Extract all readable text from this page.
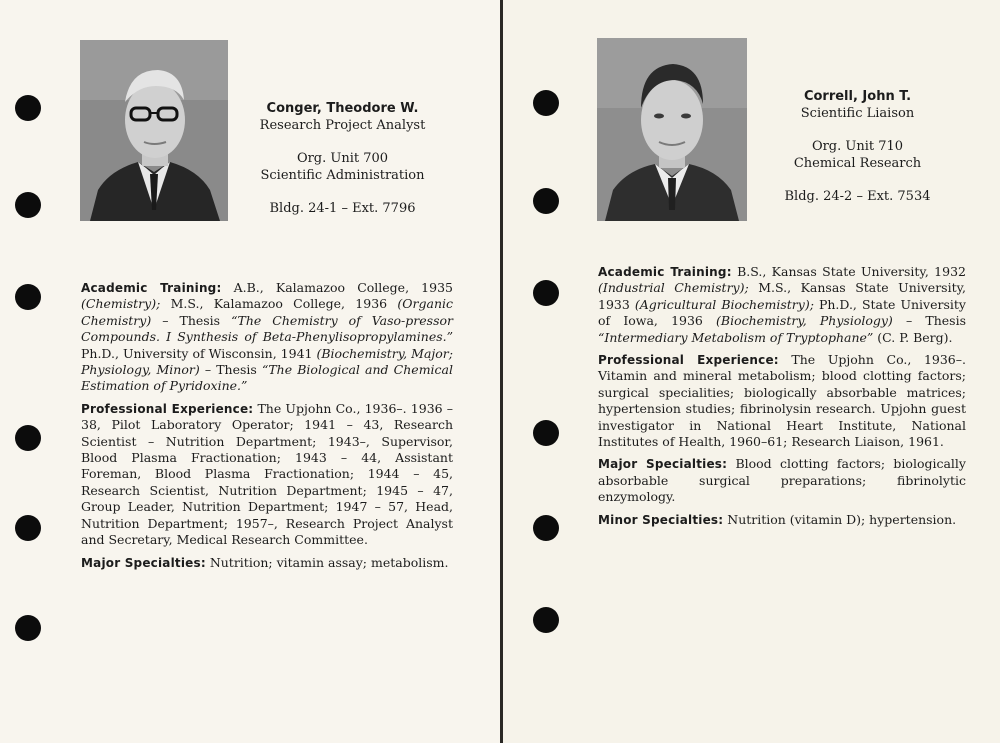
Conger, Theodore W.
Research Project Analyst
Org. Unit 700
Scientific Administration
Bldg. 24-1 – Ext. 7796

Academic Training: A.B., Kalamazoo College, 1935 (Chemistry); M.S., Kalamazoo College, 1936 (Organic Chemistry) – Thesis “The Chemistry of Vaso-pressor Compounds. I Synthesis of Beta-Phenylisopropylamines.” Ph.D., University of Wisconsin, 1941 (Biochemistry, Major; Physiology, Minor) – Thesis “The Biological and Chemical Estimation of Pyridoxine.”

Professional Experience: The Upjohn Co., 1936–. 1936 – 38, Pilot Laboratory Operator; 1941 – 43, Research Scientist – Nutrition Department; 1943–, Supervisor, Blood Plasma Fractionation; 1943 – 44, Assistant Foreman, Blood Plasma Fractionation; 1944 – 45, Research Scientist, Nutrition Department; 1945 – 47, Group Leader, Nutrition Department; 1947 – 57, Head, Nutrition Department; 1957–, Research Project Analyst and Secretary, Medical Research Committee.

Major Specialties: Nutrition; vitamin assay; metabolism.

Correll, John T.
Scientific Liaison
Org. Unit 710
Chemical Research
Bldg. 24-2 – Ext. 7534

Academic Training: B.S., Kansas State University, 1932 (Industrial Chemistry); M.S., Kansas State University, 1933 (Agricultural Biochemistry); Ph.D., State University of Iowa, 1936 (Biochemistry, Physiology) – Thesis “Intermediary Metabolism of Tryptophane” (C. P. Berg).

Professional Experience: The Upjohn Co., 1936–. Vitamin and mineral metabolism; blood clotting factors; surgical specialities; biologically absorbable matrices; hypertension studies; fibrinolysin research. Upjohn guest investigator in National Heart Institute, National Institutes of Health, 1960–61; Research Liaison, 1961.

Major Specialties: Blood clotting factors; biologically absorbable surgical preparations; fibrinolytic enzymology.

Minor Specialties: Nutrition (vitamin D); hypertension.
